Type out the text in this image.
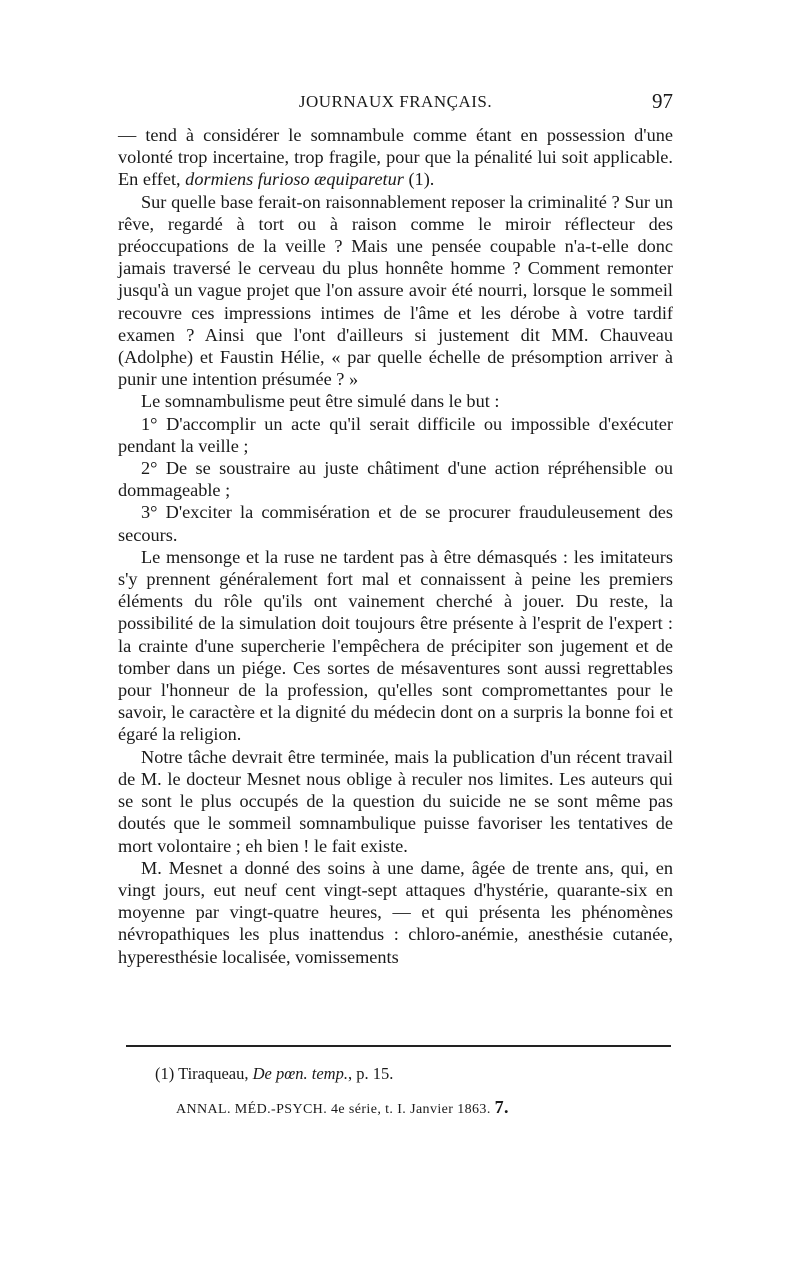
JOURNAUX FRANÇAIS.	97

— tend à considérer le somnambule comme étant en possession d'une volonté trop incertaine, trop fragile, pour que la pénalité lui soit applicable. En effet, dormiens furioso æquiparetur (1).

Sur quelle base ferait-on raisonnablement reposer la criminalité ? Sur un rêve, regardé à tort ou à raison comme le miroir réflecteur des préoccupations de la veille ? Mais une pensée coupable n'a-t-elle donc jamais traversé le cerveau du plus honnête homme ? Comment remonter jusqu'à un vague projet que l'on assure avoir été nourri, lorsque le sommeil recouvre ces impressions intimes de l'âme et les dérobe à votre tardif examen ? Ainsi que l'ont d'ailleurs si justement dit MM. Chauveau (Adolphe) et Faustin Hélie, « par quelle échelle de présomption arriver à punir une intention présumée ? »

Le somnambulisme peut être simulé dans le but :

1° D'accomplir un acte qu'il serait difficile ou impossible d'exécuter pendant la veille ;

2° De se soustraire au juste châtiment d'une action répréhensible ou dommageable ;

3° D'exciter la commisération et de se procurer frauduleusement des secours.

Le mensonge et la ruse ne tardent pas à être démasqués : les imitateurs s'y prennent généralement fort mal et connaissent à peine les premiers éléments du rôle qu'ils ont vainement cherché à jouer. Du reste, la possibilité de la simulation doit toujours être présente à l'esprit de l'expert : la crainte d'une supercherie l'empêchera de précipiter son jugement et de tomber dans un piége. Ces sortes de mésaventures sont aussi regrettables pour l'honneur de la profession, qu'elles sont compromettantes pour le savoir, le caractère et la dignité du médecin dont on a surpris la bonne foi et égaré la religion.

Notre tâche devrait être terminée, mais la publication d'un récent travail de M. le docteur Mesnet nous oblige à reculer nos limites. Les auteurs qui se sont le plus occupés de la question du suicide ne se sont même pas doutés que le sommeil somnambulique puisse favoriser les tentatives de mort volontaire ; eh bien ! le fait existe.

M. Mesnet a donné des soins à une dame, âgée de trente ans, qui, en vingt jours, eut neuf cent vingt-sept attaques d'hystérie, quarante-six en moyenne par vingt-quatre heures, — et qui présenta les phénomènes névropathiques les plus inattendus : chloro-anémie, anesthésie cutanée, hyperesthésie localisée, vomissements

(1) Tiraqueau, De pœn. temp., p. 15.
ANNAL. MÉD.-PSYCH. 4e série, t. I. Janvier 1863. 7.
